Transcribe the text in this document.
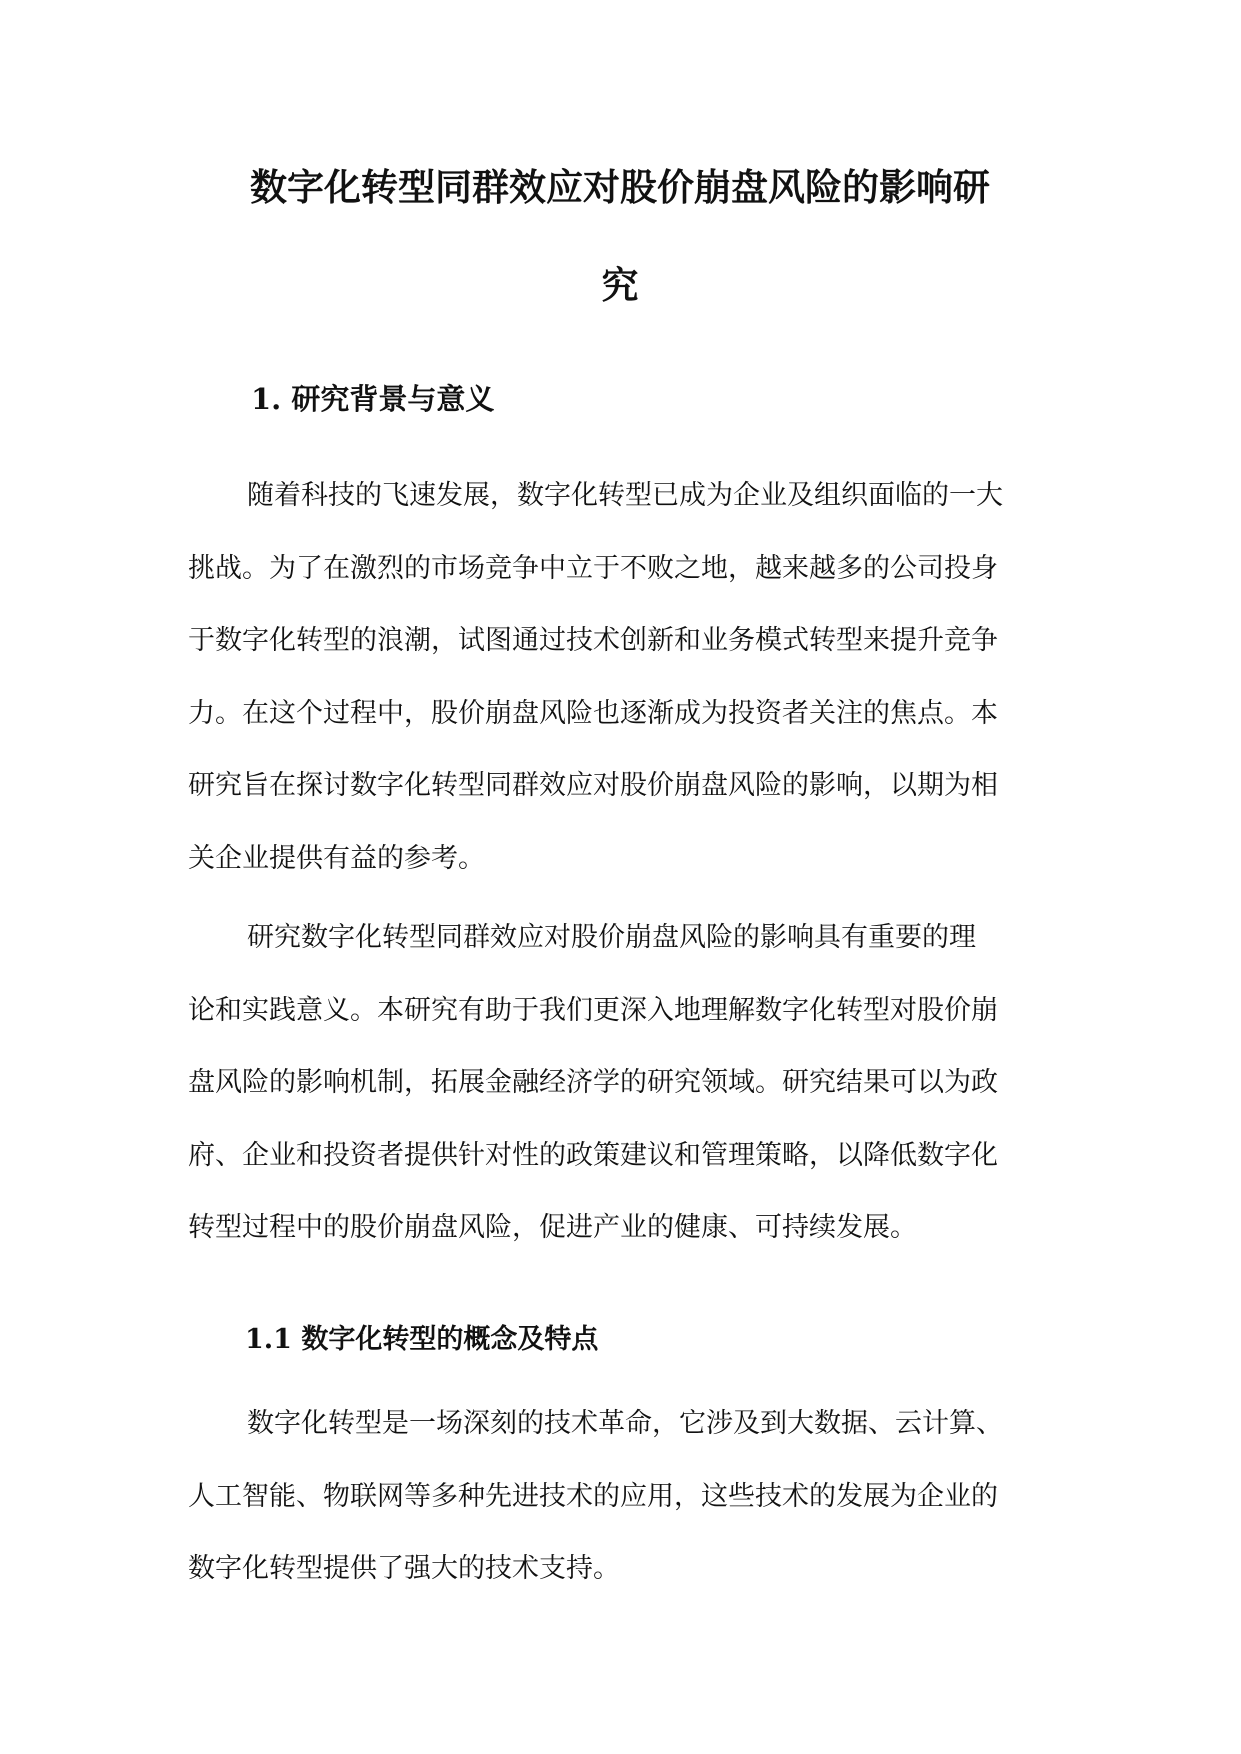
数字化转型同群效应对股价崩盘风险的影响研
究
1. 研究背景与意义

随着科技的飞速发展，数字化转型已成为企业及组织面临的一大
挑战。为了在激烈的市场竞争中立于不败之地，越来越多的公司投身
于数字化转型的浪潮，试图通过技术创新和业务模式转型来提升竞争
力。在这个过程中，股价崩盘风险也逐渐成为投资者关注的焦点。本
研究旨在探讨数字化转型同群效应对股价崩盘风险的影响，以期为相
关企业提供有益的参考。

研究数字化转型同群效应对股价崩盘风险的影响具有重要的理
论和实践意义。本研究有助于我们更深入地理解数字化转型对股价崩
盘风险的影响机制，拓展金融经济学的研究领域。研究结果可以为政
府、企业和投资者提供针对性的政策建议和管理策略，以降低数字化
转型过程中的股价崩盘风险，促进产业的健康、可持续发展。

1.1 数字化转型的概念及特点

数字化转型是一场深刻的技术革命，它涉及到大数据、云计算、
人工智能、物联网等多种先进技术的应用，这些技术的发展为企业的
数字化转型提供了强大的技术支持。
